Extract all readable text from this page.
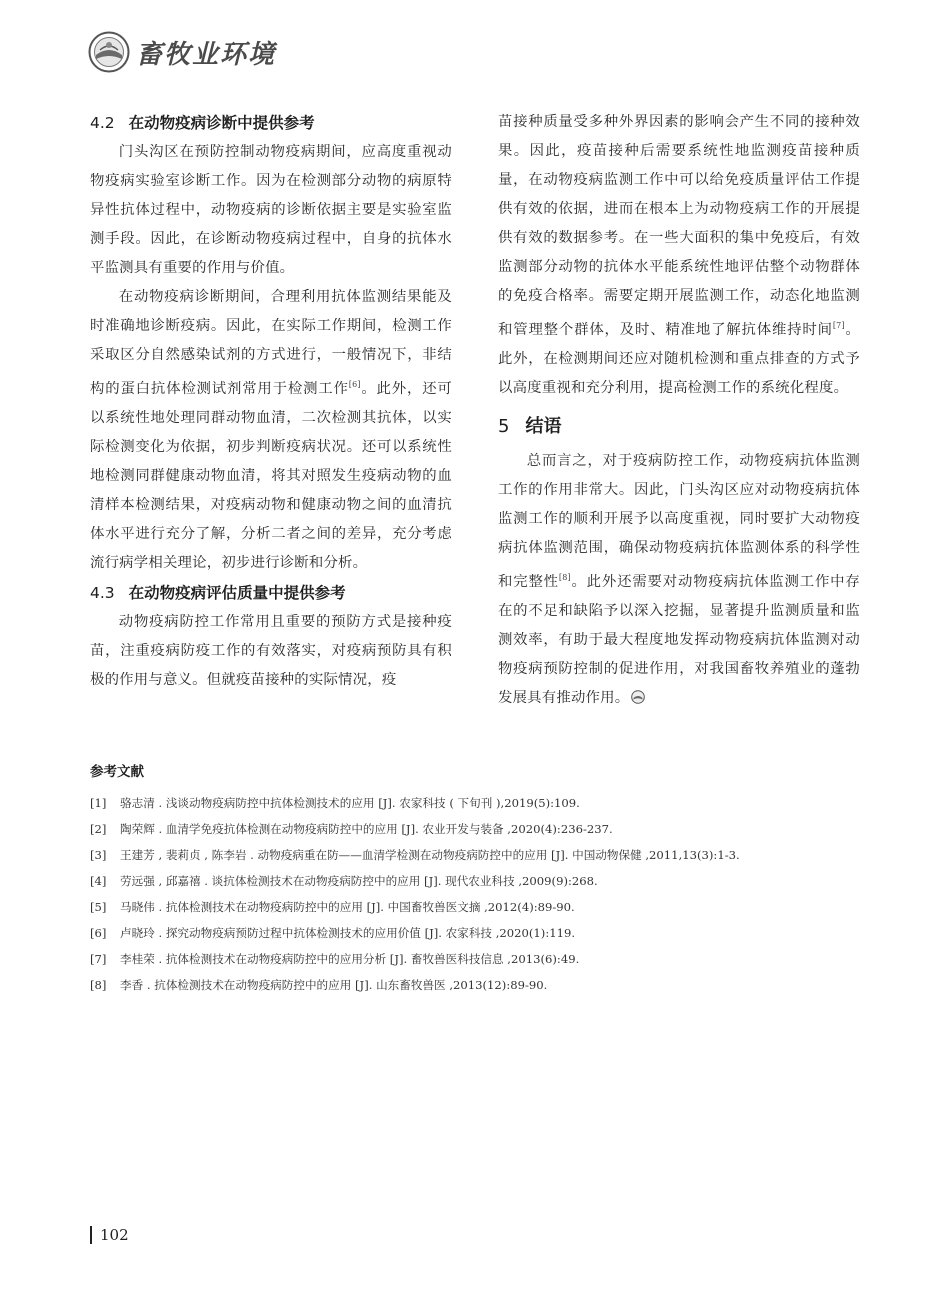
畜牧业环境
4.2 在动物疫病诊断中提供参考

门头沟区在预防控制动物疫病期间，应高度重视动物疫病实验室诊断工作。因为在检测部分动物的病原特异性抗体过程中，动物疫病的诊断依据主要是实验室监测手段。因此，在诊断动物疫病过程中，自身的抗体水平监测具有重要的作用与价值。

在动物疫病诊断期间，合理利用抗体监测结果能及时准确地诊断疫病。因此，在实际工作期间，检测工作采取区分自然感染试剂的方式进行，一般情况下，非结构的蛋白抗体检测试剂常用于检测工作[6]。此外，还可以系统性地处理同群动物血清，二次检测其抗体，以实际检测变化为依据，初步判断疫病状况。还可以系统性地检测同群健康动物血清，将其对照发生疫病动物的血清样本检测结果，对疫病动物和健康动物之间的血清抗体水平进行充分了解，分析二者之间的差异，充分考虑流行病学相关理论，初步进行诊断和分析。

4.3 在动物疫病评估质量中提供参考

动物疫病防控工作常用且重要的预防方式是接种疫苗，注重疫病防疫工作的有效落实，对疫病预防具有积极的作用与意义。但就疫苗接种的实际情况，疫

苗接种质量受多种外界因素的影响会产生不同的接种效果。因此，疫苗接种后需要系统性地监测疫苗接种质量，在动物疫病监测工作中可以给免疫质量评估工作提供有效的依据，进而在根本上为动物疫病工作的开展提供有效的数据参考。在一些大面积的集中免疫后，有效监测部分动物的抗体水平能系统性地评估整个动物群体的免疫合格率。需要定期开展监测工作，动态化地监测和管理整个群体，及时、精准地了解抗体维持时间[7]。此外，在检测期间还应对随机检测和重点排查的方式予以高度重视和充分利用，提高检测工作的系统化程度。

5 结语

总而言之，对于疫病防控工作，动物疫病抗体监测工作的作用非常大。因此，门头沟区应对动物疫病抗体监测工作的顺利开展予以高度重视，同时要扩大动物疫病抗体监测范围，确保动物疫病抗体监测体系的科学性和完整性[8]。此外还需要对动物疫病抗体监测工作中存在的不足和缺陷予以深入挖掘，显著提升监测质量和监测效率，有助于最大程度地发挥动物疫病抗体监测对动物疫病预防控制的促进作用，对我国畜牧养殖业的蓬勃发展具有推动作用。

参考文献
[1]	骆志清 . 浅谈动物疫病防控中抗体检测技术的应用 [J]. 农家科技 ( 下旬刊 ),2019(5):109.
[2]	陶荣辉 . 血清学免疫抗体检测在动物疫病防控中的应用 [J]. 农业开发与装备 ,2020(4):236-237.
[3]	王建芳 , 裴莉贞 , 陈李岩 . 动物疫病重在防——血清学检测在动物疫病防控中的应用 [J]. 中国动物保健 ,2011,13(3):1-3.
[4]	劳远强 , 邱嘉禧 . 谈抗体检测技术在动物疫病防控中的应用 [J]. 现代农业科技 ,2009(9):268.
[5]	马晓伟 . 抗体检测技术在动物疫病防控中的应用 [J]. 中国畜牧兽医文摘 ,2012(4):89-90.
[6]	卢晓玲 . 探究动物疫病预防过程中抗体检测技术的应用价值 [J]. 农家科技 ,2020(1):119.
[7]	李桂荣 . 抗体检测技术在动物疫病防控中的应用分析 [J]. 畜牧兽医科技信息 ,2013(6):49.
[8]	李香 . 抗体检测技术在动物疫病防控中的应用 [J]. 山东畜牧兽医 ,2013(12):89-90.
102
